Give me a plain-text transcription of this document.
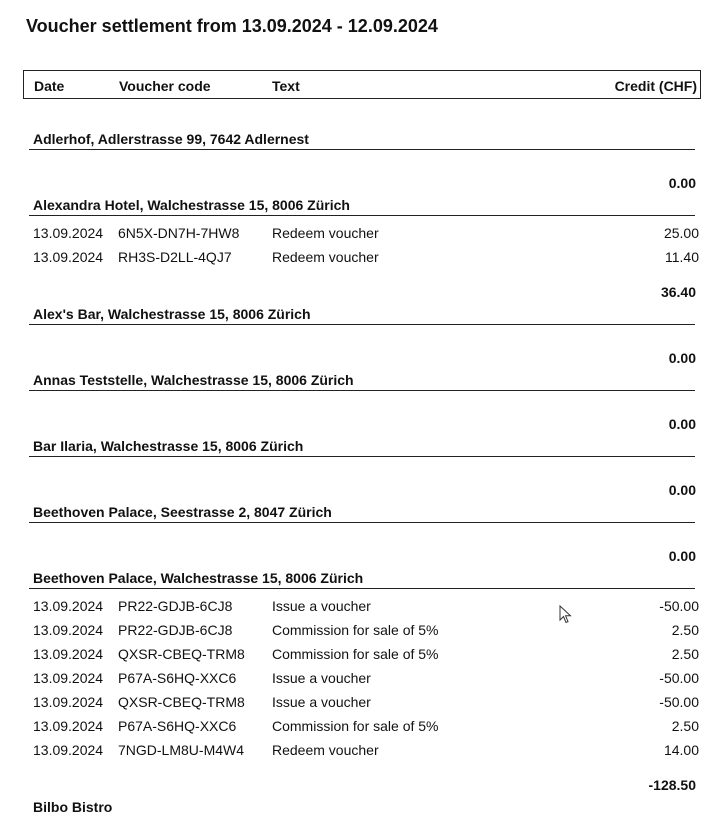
Voucher settlement from 13.09.2024 - 12.09.2024
Date	Voucher code	Text	Credit (CHF)
Adlerhof, Adlerstrasse 99, 7642 Adlernest
0.00
Alexandra Hotel, Walchestrasse 15, 8006 Zürich
13.09.2024 6N5X-DN7H-7HW8 Redeem voucher	25.00
13.09.2024 RH3S-D2LL-4QJ7	Redeem voucher	11.40
36.40
Alex's Bar, Walchestrasse 15, 8006 Zürich
0.00
Annas Teststelle, Walchestrasse 15, 8006 Zürich
0.00
Bar Ilaria, Walchestrasse 15, 8006 Zürich
0.00
Beethoven Palace, Seestrasse 2, 8047 Zürich
0.00
Beethoven Palace, Walchestrasse 15, 8006 Zürich
13.09.2024 PR22-GDJB-6CJ8	Issue a voucher	-50.00
13.09.2024 PR22-GDJB-6CJ8	Commission for sale of 5%	2.50
13.09.2024 QXSR-CBEQ-TRM8 Commission for sale of 5%	2.50
13.09.2024 P67A-S6HQ-XXC6	Issue a voucher	-50.00
13.09.2024 QXSR-CBEQ-TRM8 Issue a voucher	-50.00
13.09.2024 P67A-S6HQ-XXC6	Commission for sale of 5%	2.50
13.09.2024 7NGD-LM8U-M4W4 Redeem voucher	14.00
-128.50
Bilbo Bistro
